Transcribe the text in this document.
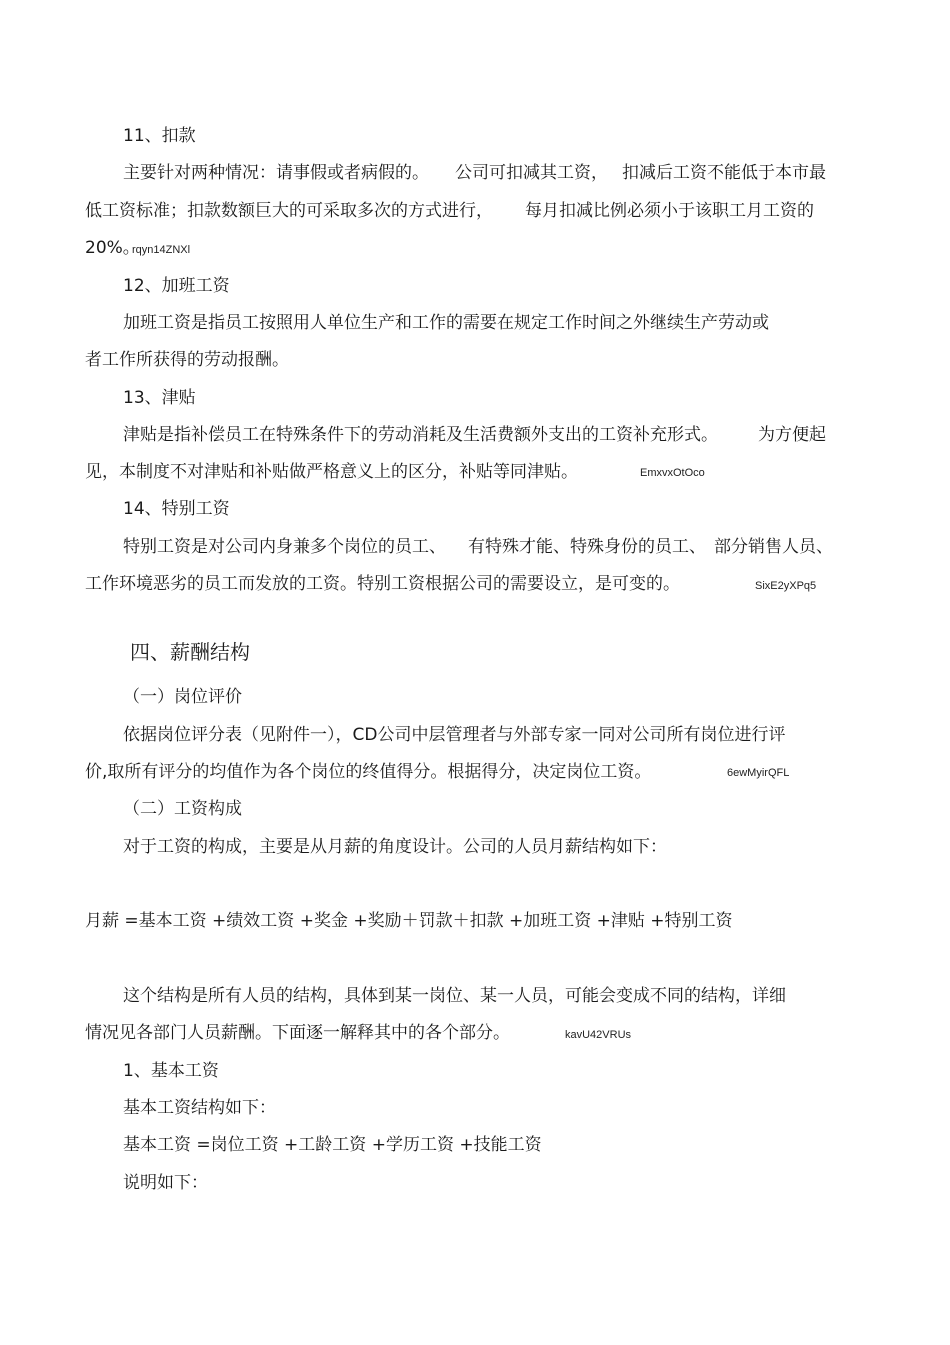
11、扣款
主要针对两种情况：请事假或者病假的。 公司可扣减其工资， 扣减后工资不能低于本市最
低工资标准；扣款数额巨大的可采取多次的方式进行， 每月扣减比例必须小于该职工月工资的
20%。
rqyn14ZNXl
12、加班工资
加班工资是指员工按照用人单位生产和工作的需要在规定工作时间之外继续生产劳动或
者工作所获得的劳动报酬。
13、津贴
津贴是指补偿员工在特殊条件下的劳动消耗及生活费额外支出的工资补充形式。 为方便起
见，本制度不对津贴和补贴做严格意义上的区分，补贴等同津贴。	EmxvxOtOco
14、特别工资
特别工资是对公司内身兼多个岗位的员工、 有特殊才能、特殊身份的员工、 部分销售人员、
工作环境恶劣的员工而发放的工资。特别工资根据公司的需要设立，是可变的。	SixE2yXPq5
四、薪酬结构
（一）岗位评价
依据岗位评分表（见附件一），CD公司中层管理者与外部专家一同对公司所有岗位进行评
价,取所有评分的均值作为各个岗位的终值得分。根据得分，决定岗位工资。	6ewMyirQFL
（二）工资构成
对于工资的构成，主要是从月薪的角度设计。公司的人员月薪结构如下：
月薪 =基本工资 +绩效工资 +奖金 +奖励＋罚款＋扣款 +加班工资 +津贴 +特别工资
这个结构是所有人员的结构，具体到某一岗位、某一人员，可能会变成不同的结构，详细
情况见各部门人员薪酬。下面逐一解释其中的各个部分。	kavU42VRUs
1、基本工资
基本工资结构如下：
基本工资 =岗位工资 +工龄工资 +学历工资 +技能工资
说明如下：
